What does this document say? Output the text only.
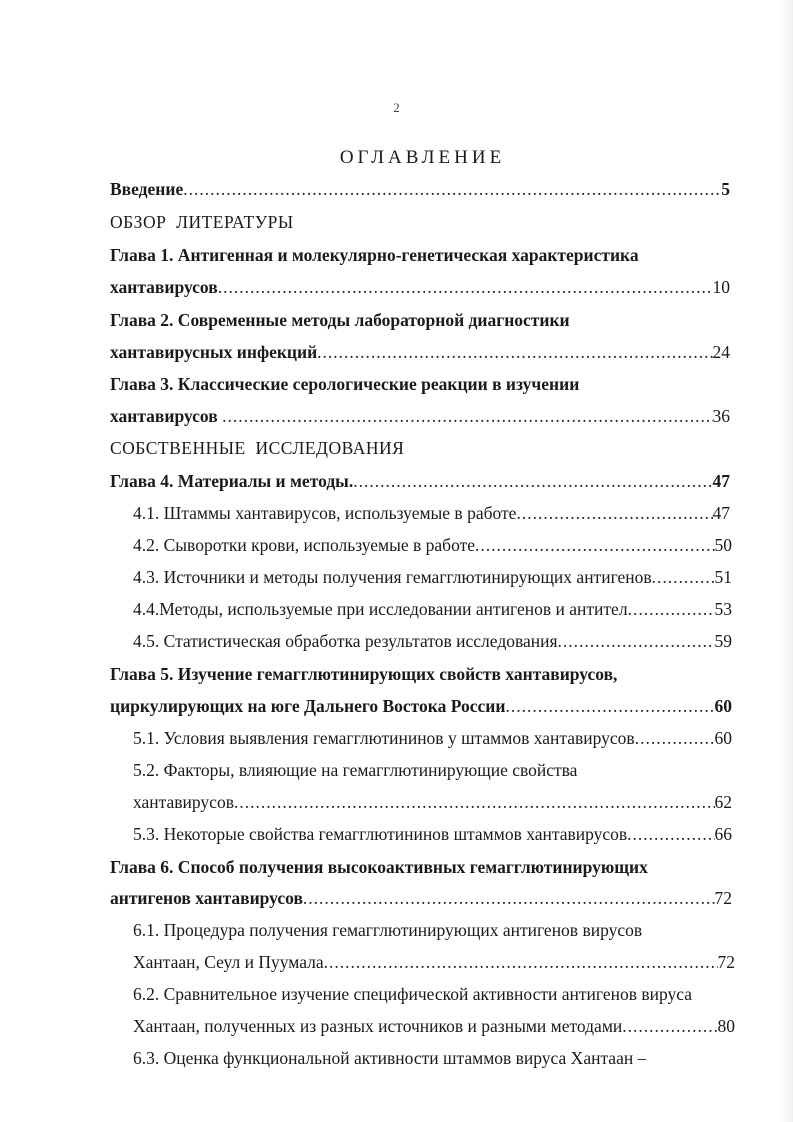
2
ОГЛАВЛЕНИЕ
Введение .....	5
ОБЗОР  ЛИТЕРАТУРЫ
Глава 1. Антигенная и молекулярно-генетическая характеристика
хантавирусов .....	10
Глава 2. Современные методы лабораторной диагностики
хантавирусных инфекций .....	24
Глава 3. Классические серологические реакции в изучении
хантавирусов .....	36
СОБСТВЕННЫЕ  ИССЛЕДОВАНИЯ
Глава 4. Материалы и методы. .....	47
4.1. Штаммы хантавирусов, используемые в работе .....	47
4.2. Сыворотки крови, используемые в работе .....	50
4.3. Источники и методы получения гемагглютинирующих антигенов .....	51
4.4.Методы, используемые при исследовании антигенов и антител .....	53
4.5. Статистическая обработка результатов исследования .....	59
Глава 5. Изучение гемагглютинирующих свойств хантавирусов,
циркулирующих на юге Дальнего Востока России .....	60
5.1. Условия выявления гемагглютининов у штаммов хантавирусов .....	60
5.2. Факторы, влияющие на гемагглютинирующие свойства
хантавирусов .....	62
5.3. Некоторые свойства гемагглютининов штаммов хантавирусов .....	66
Глава 6. Способ получения высокоактивных гемагглютинирующих
антигенов хантавирусов .....	72
6.1. Процедура получения гемагглютинирующих антигенов вирусов
Хантаан, Сеул и Пуумала .....	72
6.2. Сравнительное изучение специфической активности антигенов вируса
Хантаан, полученных из разных источников и разными методами .....	80
6.3. Оценка функциональной активности штаммов вируса Хантаан –
